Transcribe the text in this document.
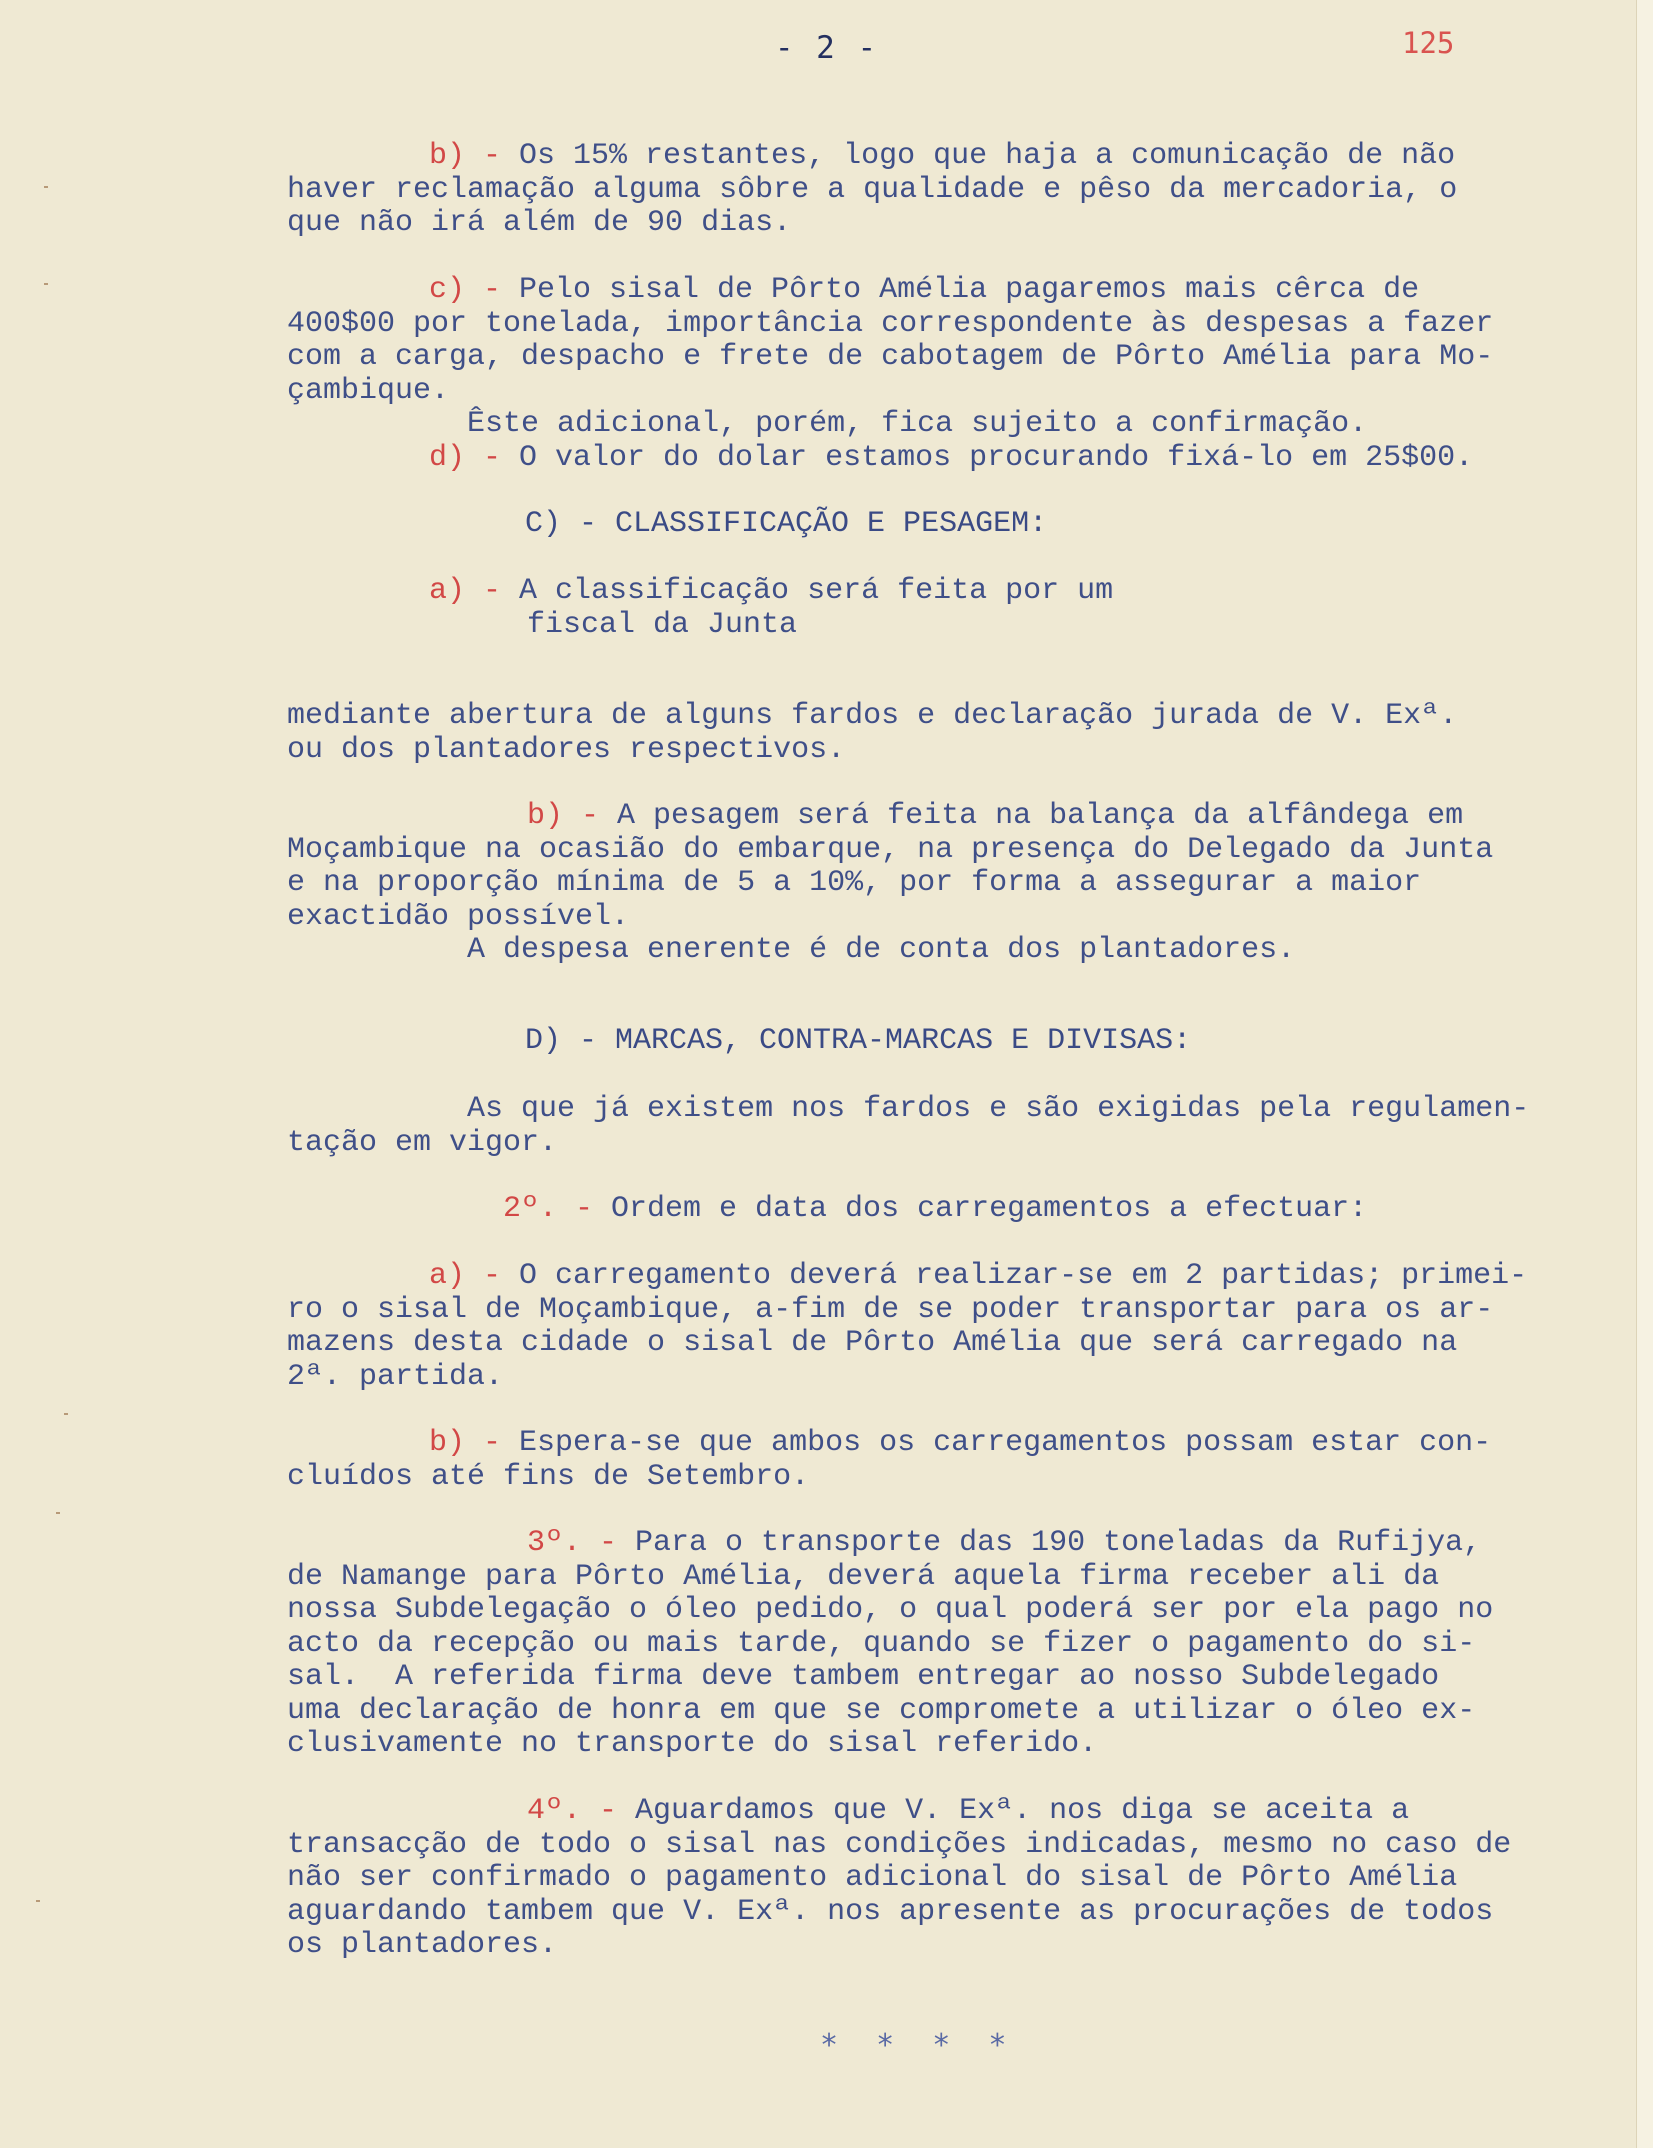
- 2 -	125
b) - Os 15% restantes, logo que haja a comunicação de não
haver reclamação alguma sôbre a qualidade e pêso da mercadoria, o
que não irá além de 90 dias.
c) - Pelo sisal de Pôrto Amélia pagaremos mais cêrca de
400$00 por tonelada, importância correspondente às despesas a fazer
com a carga, despacho e frete de cabotagem de Pôrto Amélia para Mo-
çambique.
Êste adicional, porém, fica sujeito a confirmação.
d) - O valor do dolar estamos procurando fixá-lo em 25$00.
C) - CLASSIFICAÇÃO E PESAGEM:
a) - A classificação será feita por um
fiscal da Junta
mediante abertura de alguns fardos e declaração jurada de V. Exª.
ou dos plantadores respectivos.
b) - A pesagem será feita na balança da alfândega em
Moçambique na ocasião do embarque, na presença do Delegado da Junta
e na proporção mínima de 5 a 10%, por forma a assegurar a maior
exactidão possível.
A despesa enerente é de conta dos plantadores.
D) - MARCAS, CONTRA-MARCAS E DIVISAS:
As que já existem nos fardos e são exigidas pela regulamen-
tação em vigor.
2º. - Ordem e data dos carregamentos a efectuar:
a) - O carregamento deverá realizar-se em 2 partidas; primei-
ro o sisal de Moçambique, a-fim de se poder transportar para os ar-
mazens desta cidade o sisal de Pôrto Amélia que será carregado na
2ª. partida.
b) - Espera-se que ambos os carregamentos possam estar con-
cluídos até fins de Setembro.
3º. - Para o transporte das 190 toneladas da Rufijya,
de Namange para Pôrto Amélia, deverá aquela firma receber ali da
nossa Subdelegação o óleo pedido, o qual poderá ser por ela pago no
acto da recepção ou mais tarde, quando se fizer o pagamento do si-
sal.  A referida firma deve tambem entregar ao nosso Subdelegado
uma declaração de honra em que se compromete a utilizar o óleo ex-
clusivamente no transporte do sisal referido.
4º. - Aguardamos que V. Exª. nos diga se aceita a
transacção de todo o sisal nas condições indicadas, mesmo no caso de
não ser confirmado o pagamento adicional do sisal de Pôrto Amélia
aguardando tambem que V. Exª. nos apresente as procurações de todos
os plantadores.
* * * *
